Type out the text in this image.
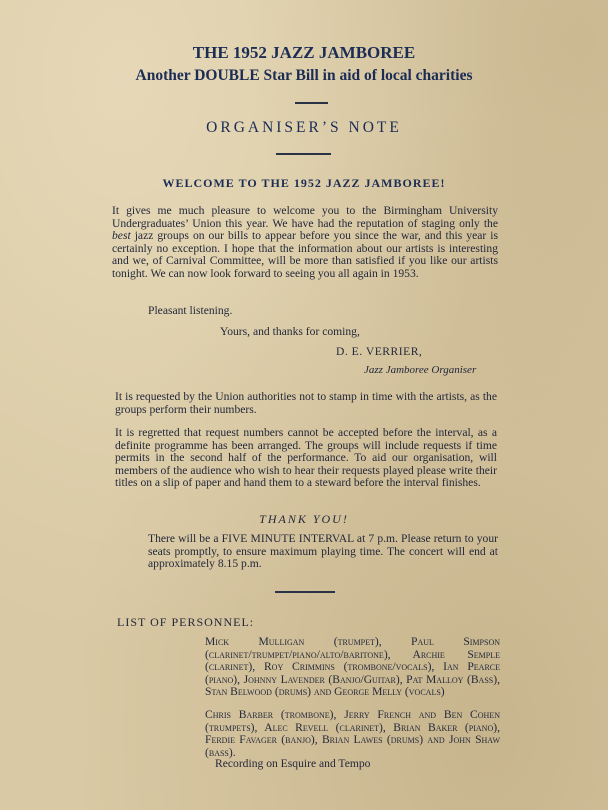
THE 1952 JAZZ JAMBOREE
Another DOUBLE Star Bill in aid of local charities
ORGANISER’S NOTE
WELCOME TO THE 1952 JAZZ JAMBOREE!
It gives me much pleasure to welcome you to the Birmingham University Undergraduates’ Union this year. We have had the reputation of staging only the best jazz groups on our bills to appear before you since the war, and this year is certainly no exception. I hope that the information about our artists is interesting and we, of Carnival Committee, will be more than satisfied if you like our artists tonight. We can now look forward to seeing you all again in 1953.
Pleasant listening.
Yours, and thanks for coming,
D. E. VERRIER,
Jazz Jamboree Organiser
It is requested by the Union authorities not to stamp in time with the artists, as the groups perform their numbers.
It is regretted that request numbers cannot be accepted before the interval, as a definite programme has been arranged. The groups will include requests if time permits in the second half of the performance. To aid our organisation, will members of the audience who wish to hear their requests played please write their titles on a slip of paper and hand them to a steward before the interval finishes.
THANK YOU!
There will be a FIVE MINUTE INTERVAL at 7 p.m. Please return to your seats promptly, to ensure maximum playing time. The concert will end at approximately 8.15 p.m.
LIST OF PERSONNEL:
Mick Mulligan (trumpet), Paul Simpson (clarinet/trumpet/piano/alto/baritone), Archie Semple (clarinet), Roy Crimmins (trombone/vocals), Ian Pearce (piano), Johnny Lavender (Banjo/Guitar), Pat Malloy (Bass), Stan Belwood (drums) and George Melly (vocals)
Chris Barber (trombone), Jerry French and Ben Cohen (trumpets), Alec Revell (clarinet), Brian Baker (piano), Ferdie Favager (banjo), Brian Lawes (drums) and John Shaw (bass).
Recording on Esquire and Tempo
